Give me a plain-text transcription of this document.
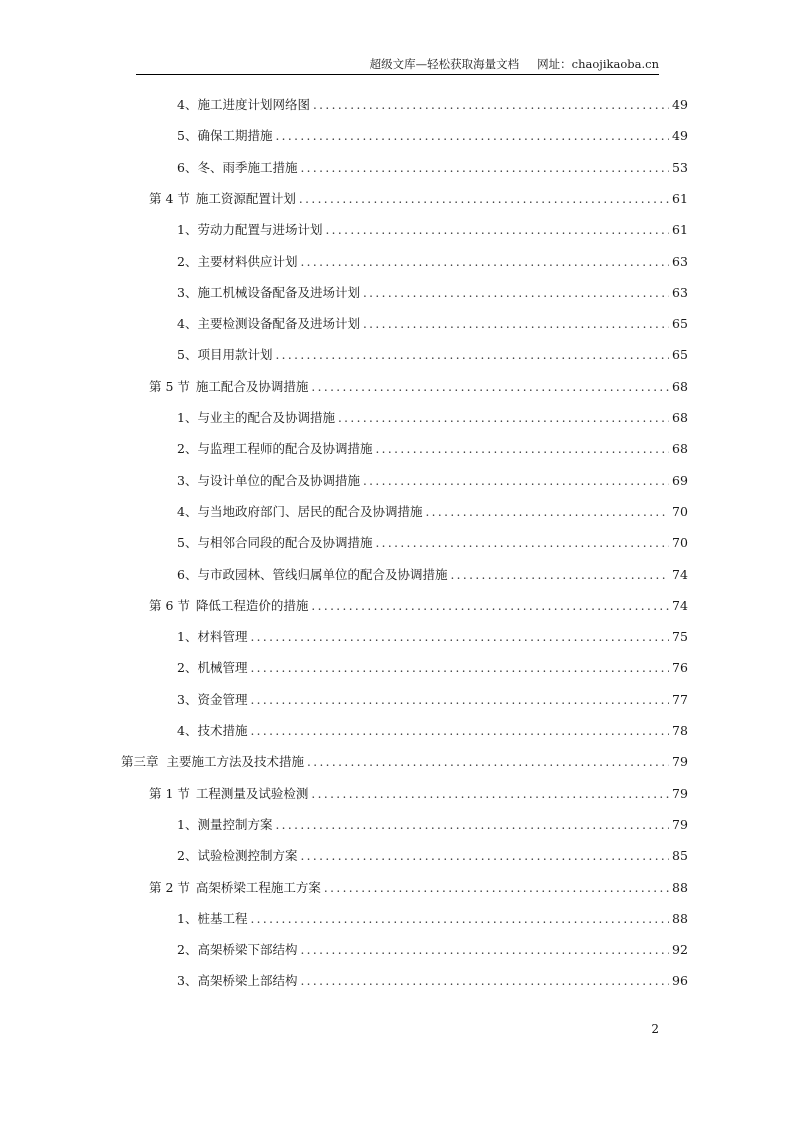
超级文库—轻松获取海量文档 网址：chaojikaoba.cn
4、 施工进度计划网络图 .....	49
5、 确保工期措施 .....	49
6、 冬、雨季施工措施 .....	53
第 4 节 施工资源配置计划 .....	61
1、 劳动力配置与进场计划 .....	61
2、 主要材料供应计划 .....	63
3、 施工机械设备配备及进场计划 .....	63
4、 主要检测设备配备及进场计划 .....	65
5、 项目用款计划 .....	65
第 5 节 施工配合及协调措施 .....	68
1、 与业主的配合及协调措施 .....	68
2、 与监理工程师的配合及协调措施 .....	68
3、 与设计单位的配合及协调措施 .....	69
4、 与当地政府部门、居民的配合及协调措施 .....	70
5、 与相邻合同段的配合及协调措施 .....	70
6、 与市政园林、管线归属单位的配合及协调措施 .....	74
第 6 节 降低工程造价的措施 .....	74
1、 材料管理 .....	75
2、 机械管理 .....	76
3、 资金管理 .....	77
4、 技术措施 .....	78
第三章 主要施工方法及技术措施 .....	79
第 1 节 工程测量及试验检测 .....	79
1、 测量控制方案 .....	79
2、 试验检测控制方案 .....	85
第 2 节 高架桥梁工程施工方案 .....	88
1、 桩基工程 .....	88
2、 高架桥梁下部结构 .....	92
3、 高架桥梁上部结构 .....	96
2
